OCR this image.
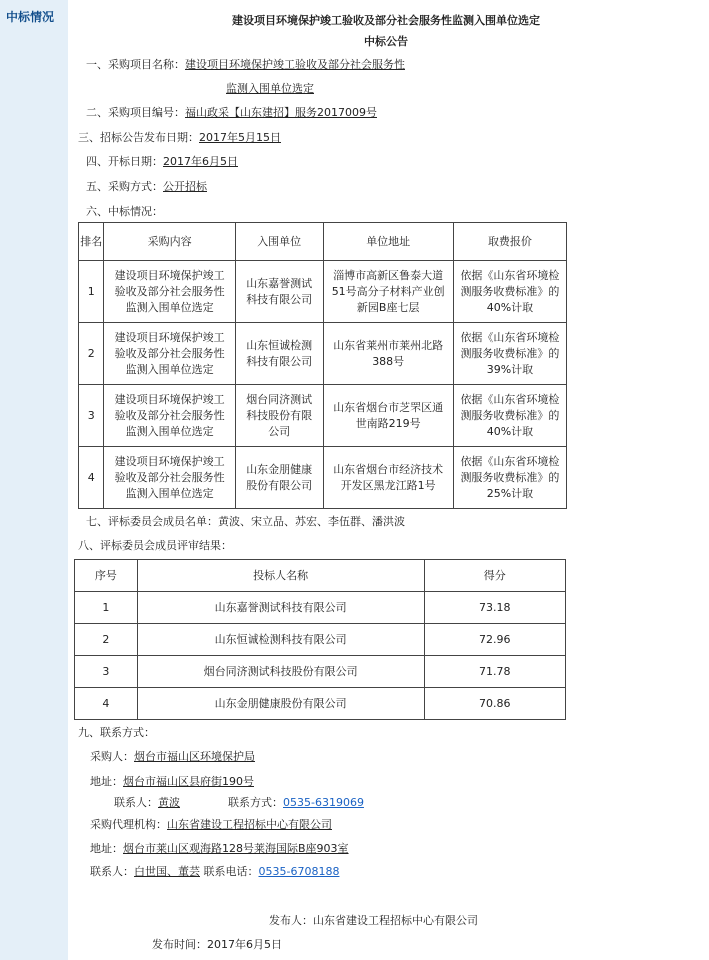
中标情况	建设项目环境保护竣工验收及部分社会服务性监测入围单位选定
中标公告
一、采购项目名称：建设项目环境保护竣工验收及部分社会服务性
监测入围单位选定
二、采购项目编号：福山政采【山东建招】服务2017009号
三、招标公告发布日期：2017年5月15日
四、开标日期：2017年6月5日
五、采购方式：公开招标
六、中标情况：
排名	采购内容	入围单位	单位地址	取费报价
1	建设项目环境保护竣工验收及部分社会服务性监测入围单位选定	山东嘉誉测试科技有限公司	淄博市高新区鲁泰大道51号高分子材料产业创新园B座七层	依据《山东省环境检测服务收费标准》的40%计取
2	建设项目环境保护竣工验收及部分社会服务性监测入围单位选定	山东恒诚检测科技有限公司	山东省莱州市莱州北路388号	依据《山东省环境检测服务收费标准》的39%计取
3	建设项目环境保护竣工验收及部分社会服务性监测入围单位选定	烟台同济测试科技股份有限公司	山东省烟台市芝罘区通世南路219号	依据《山东省环境检测服务收费标准》的40%计取
4	建设项目环境保护竣工验收及部分社会服务性监测入围单位选定	山东金朋健康股份有限公司	山东省烟台市经济技术开发区黑龙江路1号	依据《山东省环境检测服务收费标准》的25%计取
七、评标委员会成员名单：黄波、宋立品、苏宏、李伍群、潘洪波
八、评标委员会成员评审结果：
序号	投标人名称	得分
1	山东嘉誉测试科技有限公司	73.18
2	山东恒诚检测科技有限公司	72.96
3	烟台同济测试科技股份有限公司	71.78
4	山东金朋健康股份有限公司	70.86
九、联系方式：
采购人：烟台市福山区环境保护局
地址：烟台市福山区县府街190号
联系人：黄波	联系方式：0535-6319069
采购代理机构：山东省建设工程招标中心有限公司
地址：烟台市莱山区观海路128号莱海国际B座903室
联系人：白世国、董芸 联系电话：0535-6708188
发布人：山东省建设工程招标中心有限公司
发布时间：2017年6月5日
